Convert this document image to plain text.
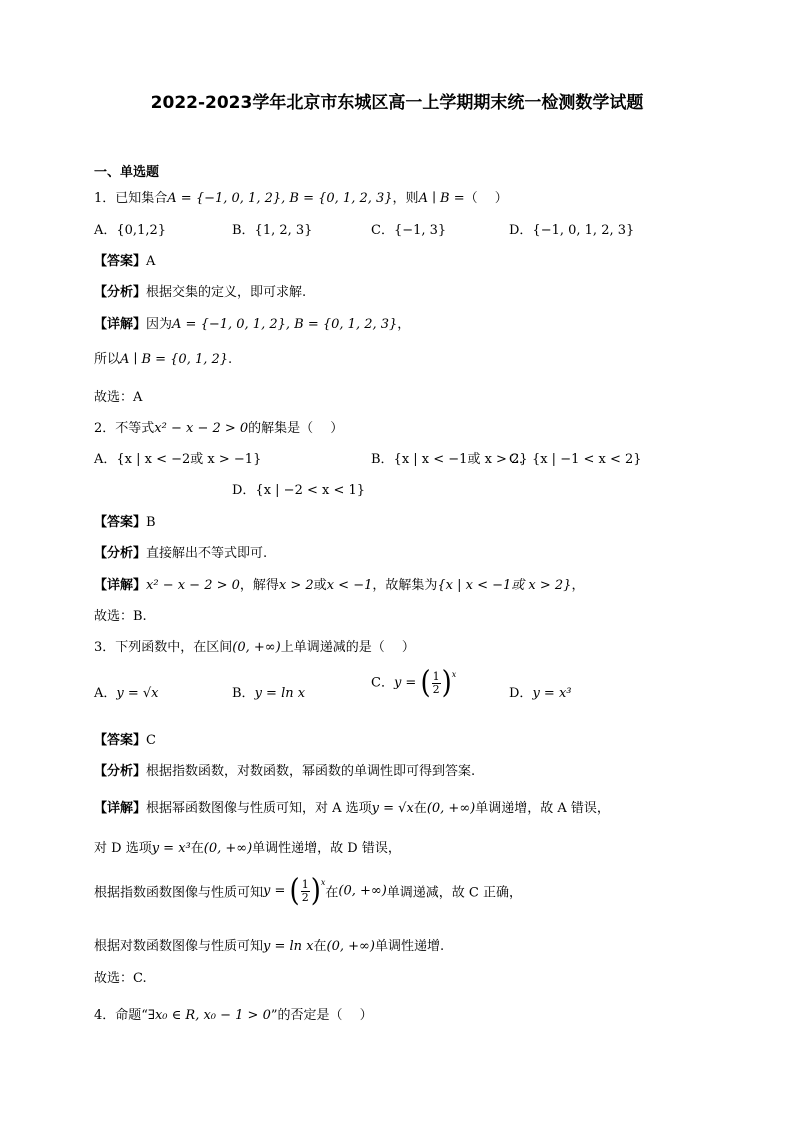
2022-2023学年北京市东城区高一上学期期末统一检测数学试题
一、单选题
1．已知集合A = {−1, 0, 1, 2}, B = {0, 1, 2, 3}，则A ∣ B =（　 ）
A．{0,1,2}	B．{1, 2, 3}	C．{−1, 3}	D．{−1, 0, 1, 2, 3}
【答案】A
【分析】根据交集的定义，即可求解.
【详解】因为A = {−1, 0, 1, 2}, B = {0, 1, 2, 3}，
所以A ∣ B = {0, 1, 2}.
故选：A
2．不等式x² − x − 2 > 0的解集是（　 ）
A．{x | x < −2或 x > −1}	B．{x | x < −1或 x > 2}
C．{x | −1 < x < 2}
D．{x | −2 < x < 1}
【答案】B
【分析】直接解出不等式即可.
【详解】x² − x − 2 > 0，解得x > 2或x < −1，故解集为{x | x < −1或 x > 2}，
故选：B.
3．下列函数中，在区间(0, +∞)上单调递减的是（　 ）
A．y = √x	B．y = ln x
C．y = ( $\frac{1}{2}$ ) $^x$
D．y = x³
【答案】C
【分析】根据指数函数，对数函数，幂函数的单调性即可得到答案.
【详解】根据幂函数图像与性质可知，对 A 选项y = √x在(0, +∞)单调递增，故 A 错误，
对 D 选项y = x³在(0, +∞)单调性递增，故 D 错误，
根据指数函数图像与性质可知y = ( $\frac{1}{2}$ ) $^x$
在(0, +∞)单调递减，故 C 正确，
根据对数函数图像与性质可知y = ln x在(0, +∞)单调性递增.
故选：C.
4．命题“∃x₀ ∈ R, x₀ − 1 > 0”的否定是（　 ）
